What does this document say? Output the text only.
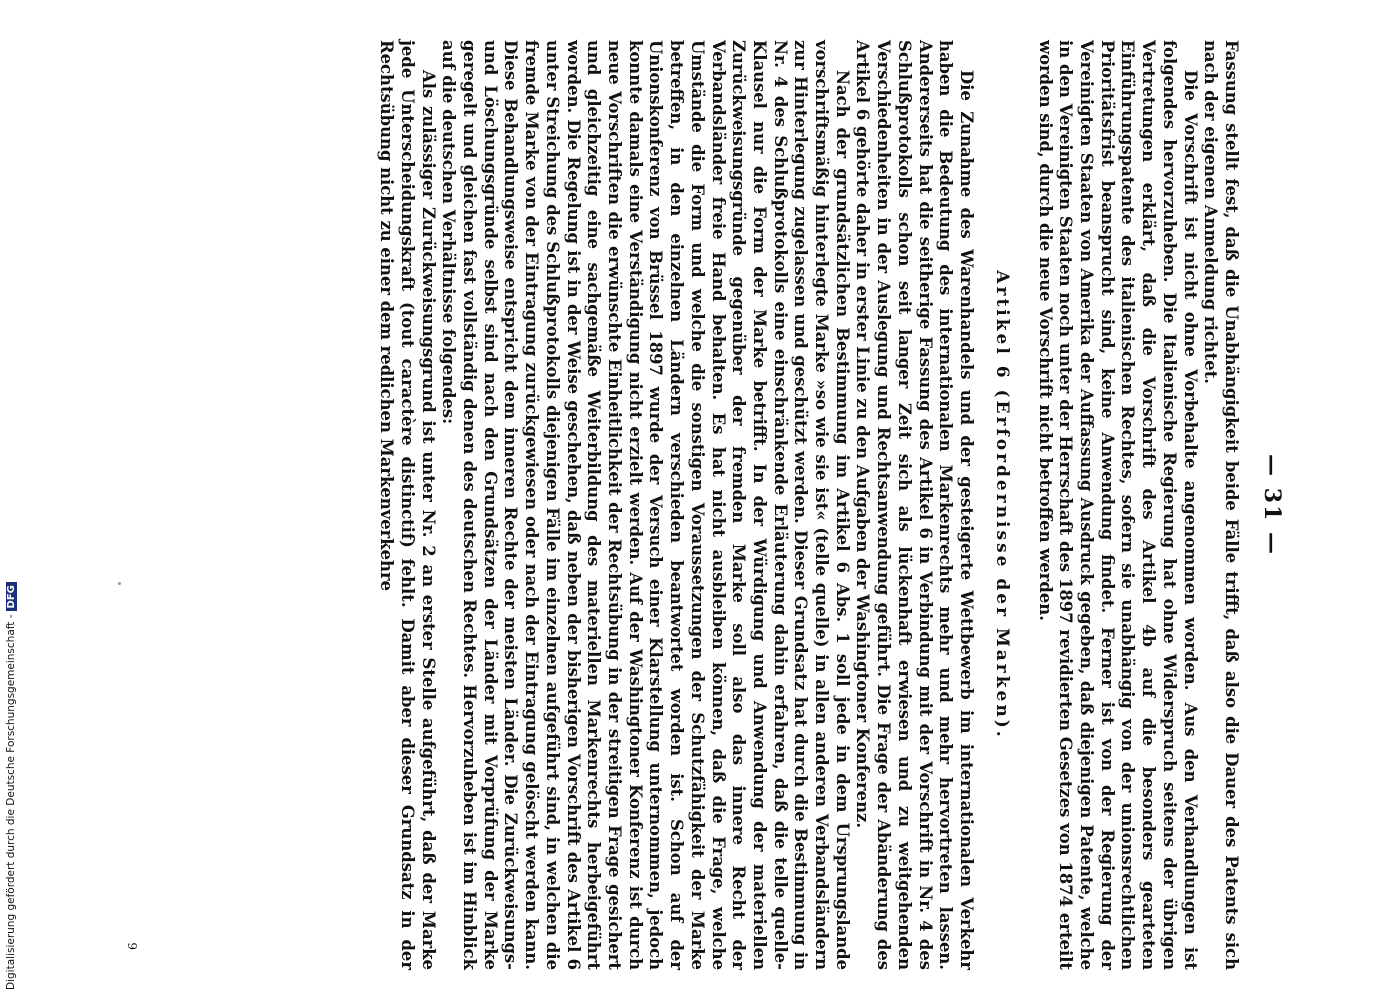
— 31 —

Fassung stellt fest, daß die Unabhängigkeit beide Fälle trifft, daß also die Dauer des Patents sich nach der eigenen Anmeldung richtet.

Die Vorschrift ist nicht ohne Vorbehalte angenommen worden. Aus den Verhandlungen ist folgendes hervorzuheben. Die Italienische Regierung hat ohne Widerspruch seitens der übrigen Vertretungen erklärt, daß die Vorschrift des Artikel 4b auf die besonders gearteten Einführungspatente des italienischen Rechtes, sofern sie unabhängig von der unionsrechtlichen Prioritätsfrist beansprucht sind, keine Anwendung findet. Ferner ist von der Regierung der Vereinigten Staaten von Amerika der Auffassung Ausdruck gegeben, daß diejenigen Patente, welche in den Vereinigten Staaten noch unter der Herrschaft des 1897 revidierten Gesetzes von 1874 erteilt worden sind, durch die neue Vorschrift nicht betroffen werden.

Artikel 6 (Erfordernisse der Marken).

Die Zunahme des Warenhandels und der gesteigerte Wettbewerb im internationalen Verkehr haben die Bedeutung des internationalen Markenrechts mehr und mehr hervortreten lassen. Andererseits hat die seitherige Fassung des Artikel 6 in Verbindung mit der Vorschrift in Nr. 4 des Schlußprotokolls schon seit langer Zeit sich als lückenhaft erwiesen und zu weitgehenden Verschiedenheiten in der Auslegung und Rechtsanwendung geführt. Die Frage der Abänderung des Artikel 6 gehörte daher in erster Linie zu den Aufgaben der Washingtoner Konferenz.

Nach der grundsätzlichen Bestimmung im Artikel 6 Abs. 1 soll jede in dem Ursprungslande vorschriftsmäßig hinterlegte Marke »so wie sie ist« (telle quelle) in allen anderen Verbandsländern zur Hinterlegung zugelassen und geschützt werden. Dieser Grundsatz hat durch die Bestimmung in Nr. 4 des Schlußprotokolls eine einschränkende Erläuterung dahin erfahren, daß die telle quelle-Klausel nur die Form der Marke betrifft. In der Würdigung und Anwendung der materiellen Zurückweisungsgründe gegenüber der fremden Marke soll also das innere Recht der Verbandsländer freie Hand behalten. Es hat nicht ausbleiben können, daß die Frage, welche Umstände die Form und welche die sonstigen Voraussetzungen der Schutzfähigkeit der Marke betreffen, in den einzelnen Ländern verschieden beantwortet worden ist. Schon auf der Unionskonferenz von Brüssel 1897 wurde der Versuch einer Klarstellung unternommen, jedoch konnte damals eine Verständigung nicht erzielt werden. Auf der Washingtoner Konferenz ist durch neue Vorschriften die erwünschte Einheitlichkeit der Rechtsübung in der streitigen Frage gesichert und gleichzeitig eine sachgemäße Weiterbildung des materiellen Markenrechts herbeigeführt worden. Die Regelung ist in der Weise geschehen, daß neben der bisherigen Vorschrift des Artikel 6 unter Streichung des Schlußprotokolls diejenigen Fälle im einzelnen aufgeführt sind, in welchen die fremde Marke von der Eintragung zurückgewiesen oder nach der Eintragung gelöscht werden kann. Diese Behandlungsweise entspricht dem inneren Rechte der meisten Länder. Die Zurückweisungs- und Löschungsgründe selbst sind nach den Grundsätzen der Länder mit Vorprüfung der Marke geregelt und gleichen fast vollständig denen des deutschen Rechtes. Hervorzuheben ist im Hinblick auf die deutschen Verhältnisse folgendes:

Als zulässiger Zurückweisungsgrund ist unter Nr. 2 an erster Stelle aufgeführt, daß der Marke jede Unterscheidungskraft (tout caractère distinctif) fehlt. Damit aber dieser Grundsatz in der Rechtsübung nicht zu einer dem redlichen Markenverkehre

9
Digitalisierung gefördert durch die Deutsche Forschungsgemeinschaft -DFG
